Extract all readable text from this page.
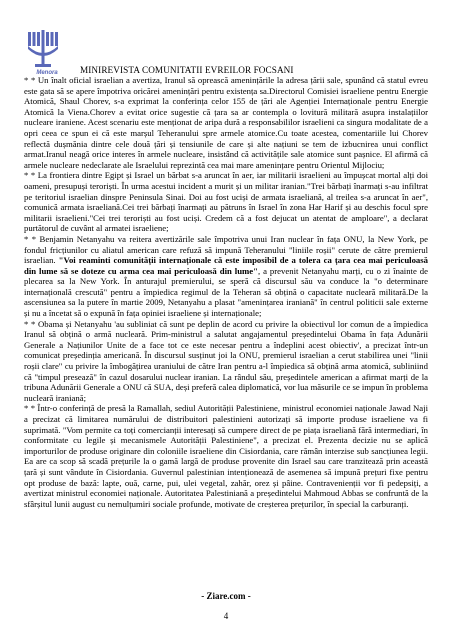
Menora	MINIREVISTA COMUNITATII EVREILOR FOCSANI

* * Un înalt oficial israelian a avertiza, Iranul să oprească amenințările la adresa țării sale, spunând că statul evreu este gata să se apere împotriva oricărei amenințări pentru existența sa.Directorul Comisiei israeliene pentru Energie Atomică, Shaul Chorev, s-a exprimat la conferința celor 155 de țări ale Agenției Internaționale pentru Energie Atomică la Viena.Chorev a evitat orice sugestie că țara sa ar contempla o lovitură militară asupra instalațiilor nucleare iraniene. Acest scenariu este menționat de aripa dură a responsabililor israelieni ca singura modalitate de a opri ceea ce spun ei că este marșul Teheranului spre armele atomice.Cu toate acestea, comentariile lui Chorev reflectă dușmănia dintre cele două țări și tensiunile de care și alte națiuni se tem de izbucnirea unui conflict armat.Iranul neagă orice interes în armele nucleare, insistând că activitățile sale atomice sunt pașnice. El afirmă că armele nucleare nedeclarate ale Israelului reprezintă cea mai mare amenințare pentru Orientul Mijlociu;

* * La frontiera dintre Egipt și Israel un bărbat s-a aruncat în aer, iar militarii israelieni au împușcat mortal alți doi oameni, presupuși teroriști. În urma acestui incident a murit și un militar iranian."Trei bărbați înarmați s-au infiltrat pe teritoriul israelian dinspre Peninsula Sinai. Doi au fost uciși de armata israeliană, al treilea s-a aruncat în aer", comunică armata israeliană.Cei trei bărbați înarmați au pătruns în Israel în zona Har Harif și au deschis focul spre militarii israelieni."Cei trei teroriști au fost uciși. Credem că a fost dejucat un atentat de amploare", a declarat purtătorul de cuvânt al armatei israeliene;

* * Benjamin Netanyahu va reitera avertizările sale împotriva unui Iran nuclear în fața ONU, la New York, pe fondul fricțiunilor cu aliatul american care refuză să impună Teheranului "liniile roșii" cerute de către premierul israelian. "Voi reaminti comunității internaționale că este imposibil de a tolera ca țara cea mai periculoasă din lume să se doteze cu arma cea mai periculoasă din lume", a prevenit Netanyahu marți, cu o zi înainte de plecarea sa la New York. În anturajul premierului, se speră că discursul său va conduce la "o determinare internațională crescută" pentru a împiedica regimul de la Teheran să obțină o capacitate nucleară militară.De la ascensiunea sa la putere în martie 2009, Netanyahu a plasat "amenințarea iraniană" în centrul politicii sale externe și nu a încetat să o expună în fața opiniei israeliene și internaționale;

* * Obama și Netanyahu 'au subliniat că sunt pe deplin de acord cu privire la obiectivul lor comun de a împiedica Iranul să obțină o armă nucleară. Prim-ministrul a salutat angajamentul președintelui Obama în fața Adunării Generale a Națiunilor Unite de a face tot ce este necesar pentru a îndeplini acest obiectiv', a precizat într-un comunicat președinția americană. În discursul susținut joi la ONU, premierul israelian a cerut stabilirea unei "linii roșii clare" cu privire la îmbogățirea uraniului de către Iran pentru a-l împiedica să obțină arma atomică, subliniind că "timpul presează" în cazul dosarului nuclear iranian. La rândul său, președintele american a afirmat marți de la tribuna Adunării Generale a ONU că SUA, deși preferă calea diplomatică, vor lua măsurile ce se impun în problema nucleară iraniană;

* * Într-o conferință de presă la Ramallah, sediul Autorității Palestiniene, ministrul economiei naționale Jawad Naji a precizat că limitarea numărului de distribuitori palestinieni autorizați să importe produse israeliene va fi suprimată. "Vom permite ca toți comercianții interesați să cumpere direct de pe piața israeliană fără intermediari, în conformitate cu legile și mecanismele Autorității Palestiniene", a precizat el. Prezenta decizie nu se aplică importurilor de produse originare din coloniile israeliene din Cisiordania, care rămân interzise sub sancțiunea legii. Ea are ca scop să scadă prețurile la o gamă largă de produse provenite din Israel sau care tranzitează prin această țară și sunt vândute în Cisiordania. Guvernul palestinian intenționează de asemenea să impună prețuri fixe pentru opt produse de bază: lapte, ouă, carne, pui, ulei vegetal, zahăr, orez și pâine. Contravenienții vor fi pedepsiți, a avertizat ministrul economiei naționale. Autoritatea Palestiniană a președintelui Mahmoud Abbas se confruntă de la sfârșitul lunii august cu nemulțumiri sociale profunde, motivate de creșterea prețurilor, în special la carburanți.

- Ziare.com -
4
